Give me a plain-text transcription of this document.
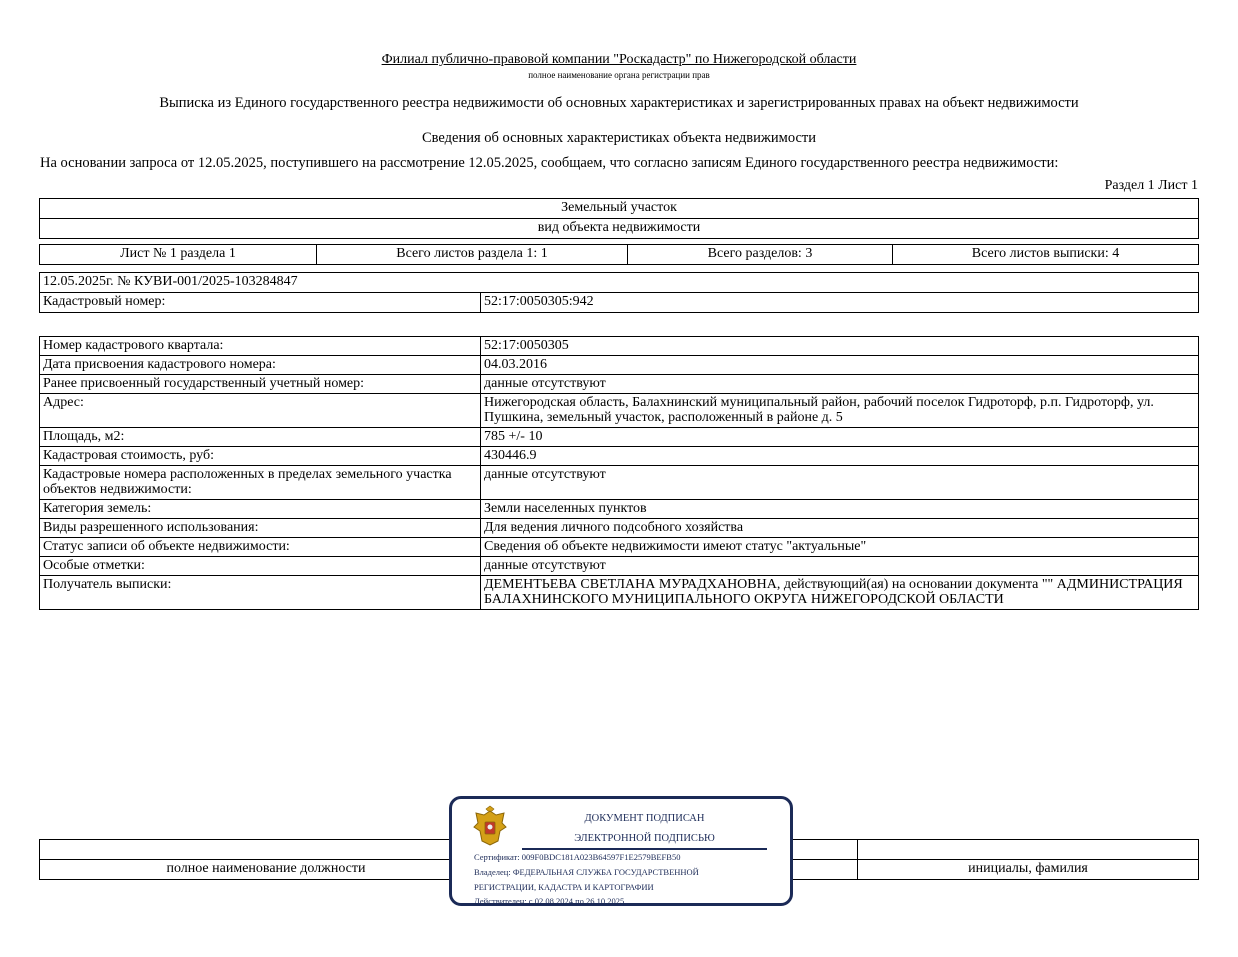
Филиал публично-правовой компании "Роскадастр" по Нижегородской области
полное наименование органа регистрации прав
Выписка из Единого государственного реестра недвижимости об основных характеристиках и зарегистрированных правах на объект недвижимости
Сведения об основных характеристиках объекта недвижимости
На основании запроса от 12.05.2025, поступившего на рассмотрение 12.05.2025, сообщаем, что согласно записям Единого государственного реестра недвижимости:
Раздел 1 Лист 1
Земельный участок
вид объекта недвижимости
Лист № 1 раздела 1	Всего листов раздела 1: 1	Всего разделов: 3	Всего листов выписки: 4
12.05.2025г. № КУВИ-001/2025-103284847
Кадастровый номер:	52:17:0050305:942
Номер кадастрового квартала:	52:17:0050305
Дата присвоения кадастрового номера:	04.03.2016
Ранее присвоенный государственный учетный номер:	данные отсутствуют
Адрес:	Нижегородская область, Балахнинский муниципальный район, рабочий поселок Гидроторф, р.п. Гидроторф, ул. Пушкина, земельный участок, расположенный в районе д. 5
Площадь, м2:	785 +/- 10
Кадастровая стоимость, руб:	430446.9
Кадастровые номера расположенных в пределах земельного участка объектов недвижимости:	данные отсутствуют
Категория земель:	Земли населенных пунктов
Виды разрешенного использования:	Для ведения личного подсобного хозяйства
Статус записи об объекте недвижимости:	Сведения об объекте недвижимости имеют статус "актуальные"
Особые отметки:	данные отсутствуют
Получатель выписки:	ДЕМЕНТЬЕВА СВЕТЛАНА МУРАДХАНОВНА, действующий(ая) на основании документа "" АДМИНИСТРАЦИЯ БАЛАХНИНСКОГО МУНИЦИПАЛЬНОГО ОКРУГА НИЖЕГОРОДСКОЙ ОБЛАСТИ

полное наименование должности		инициалы, фамилия
ДОКУМЕНТ ПОДПИСАН
ЭЛЕКТРОННОЙ ПОДПИСЬЮ
Сертификат: 009F0BDC181A023B64597F1E2579BEFB50
Владелец: ФЕДЕРАЛЬНАЯ СЛУЖБА ГОСУДАРСТВЕННОЙ
РЕГИСТРАЦИИ, КАДАСТРА И КАРТОГРАФИИ
Действителен: с 02.08.2024 по 26.10.2025
